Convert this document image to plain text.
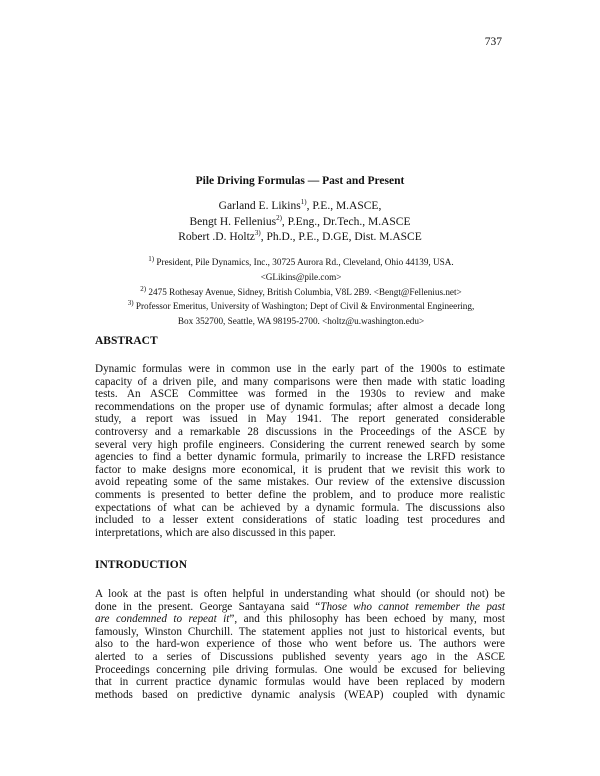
737
Pile Driving Formulas — Past and Present
Garland E. Likins$^{1)}$, P.E., M.ASCE,
Bengt H. Fellenius$^{2)}$, P.Eng., Dr.Tech., M.ASCE
Robert .D. Holtz$^{3)}$, Ph.D., P.E., D.GE, Dist. M.ASCE
$^{1)}$ President, Pile Dynamics, Inc., 30725 Aurora Rd., Cleveland, Ohio 44139, USA.
<GLikins@pile.com>
$^{2)}$ 2475 Rothesay Avenue, Sidney, British Columbia, V8L 2B9. <Bengt@Fellenius.net>
$^{3)}$ Professor Emeritus, University of Washington; Dept of Civil & Environmental Engineering,
Box 352700, Seattle, WA 98195-2700. <holtz@u.washington.edu>
ABSTRACT
Dynamic formulas were in common use in the early part of the 1900s to estimate
capacity of a driven pile, and many comparisons were then made with static loading
tests. An ASCE Committee was formed in the 1930s to review and make
recommendations on the proper use of dynamic formulas; after almost a decade long
study, a report was issued in May 1941. The report generated considerable
controversy and a remarkable 28 discussions in the Proceedings of the ASCE by
several very high profile engineers. Considering the current renewed search by some
agencies to find a better dynamic formula, primarily to increase the LRFD resistance
factor to make designs more economical, it is prudent that we revisit this work to
avoid repeating some of the same mistakes. Our review of the extensive discussion
comments is presented to better define the problem, and to produce more realistic
expectations of what can be achieved by a dynamic formula. The discussions also
included to a lesser extent considerations of static loading test procedures and
interpretations, which are also discussed in this paper.
INTRODUCTION
A look at the past is often helpful in understanding what should (or should not) be
done in the present. George Santayana said “Those who cannot remember the past
are condemned to repeat it”, and this philosophy has been echoed by many, most
famously, Winston Churchill. The statement applies not just to historical events, but
also to the hard-won experience of those who went before us. The authors were
alerted to a series of Discussions published seventy years ago in the ASCE
Proceedings concerning pile driving formulas. One would be excused for believing
that in current practice dynamic formulas would have been replaced by modern
methods based on predictive dynamic analysis (WEAP) coupled with dynamic
